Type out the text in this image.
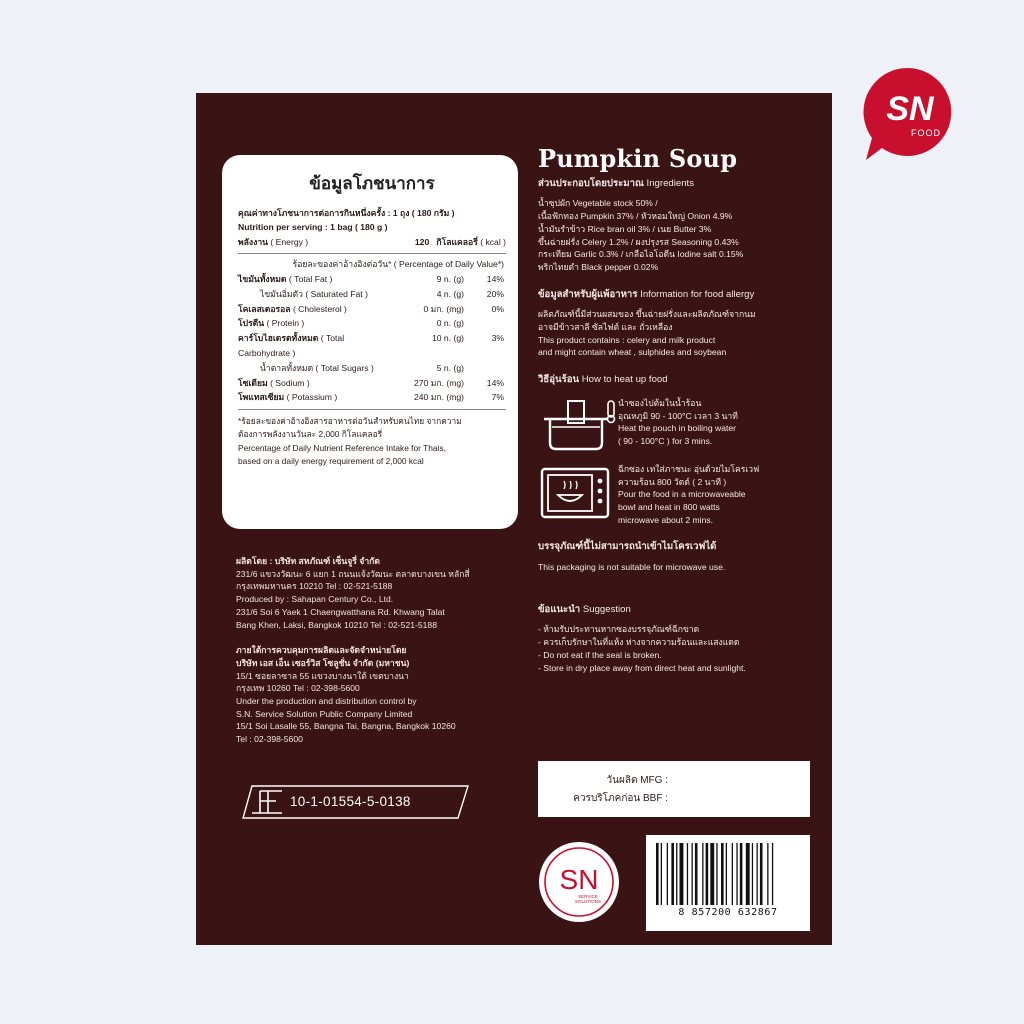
SN
FOOD
ข้อมูลโภชนาการ
คุณค่าทางโภชนาการต่อการกินหนึ่งครั้ง : 1 ถุง ( 180 กรัม )
Nutrition per serving : 1 bag ( 180 g )
พลังงาน ( Energy )	120 กิโลแคลอรี่ ( kcal )
ร้อยละของค่าอ้างอิงต่อวัน* ( Percentage of Daily Value*)
ไขมันทั้งหมด ( Total Fat )	9 n. (g)	14%
ไขมันอิ่มตัว ( Saturated Fat )	4 n. (g)	20%
โคเลสเตอรอล ( Cholesterol )	0 มก. (mg)	0%
โปรตีน ( Protein )	0 n. (g)	
คาร์โบไฮเดรตทั้งหมด ( Total Carbohydrate )	10 n. (g)	3%
น้ำตาลทั้งหมด ( Total Sugars )	5 n. (g)	
โซเดียม ( Sodium )	270 มก. (mg)	14%
โพแทสเซียม ( Potassium )	240 มก. (mg)	7%

*ร้อยละของค่าอ้างอิงสารอาหารต่อวันสำหรับคนไทย จากความ

ต้องการพลังงานวันละ 2,000 กิโลแคลอรี่

Percentage of Daily Nutrient Reference Intake for Thais,

based on a daily energy requirement of 2,000 kcal

ผลิตโดย : บริษัท สหภัณฑ์ เซ็นจูรี่ จำกัด
231/6 แขวงวัฒนะ 6 แยก 1 ถนนแจ้งวัฒนะ ตลาดบางเขน หลักสี่
กรุงเทพมหานคร 10210 Tel : 02-521-5188
Produced by : Sahapan Century Co., Ltd.
231/6 Soi 6 Yaek 1 Chaengwatthana Rd. Khwang Talat
Bang Khen, Laksi, Bangkok 10210 Tel : 02-521-5188
ภายใต้การควบคุมการผลิตและจัดจำหน่ายโดย
บริษัท เอส เอ็น เซอร์วิส โซลูชั่น จำกัด (มหาชน)
15/1 ซอยลาซาล 55 แขวงบางนาใต้ เขตบางนา
กรุงเทพ 10260 Tel : 02-398-5600
Under the production and distribution control by
S.N. Service Solution Public Company Limited
15/1 Soi Lasalle 55, Bangna Tai, Bangna, Bangkok 10260
Tel : 02-398-5600
10-1-01554-5-0138
Pumpkin Soup
ส่วนประกอบโดยประมาณ Ingredients

น้ำซุปผัก Vegetable stock 50% /

เนื้อฟักทอง Pumpkin 37% / หัวหอมใหญ่ Onion 4.9%

น้ำมันรำข้าว Rice bran oil 3% / เนย Butter 3%

ขึ้นฉ่ายฝรั่ง Celery 1.2% / ผงปรุงรส Seasoning 0.43%

กระเทียม Garlic 0.3% / เกลือไอโอดีน Iodine salt 0.15%

พริกไทยดำ Black pepper 0.02%

ข้อมูลสำหรับผู้แพ้อาหาร Information for food allergy

ผลิตภัณฑ์นี้มีส่วนผสมของ ขึ้นฉ่ายฝรั่งและผลิตภัณฑ์จากนม

อาจมีข้าวสาลี ซัลไฟต์ และ ถั่วเหลือง

This product contains : celery and milk product

and might contain wheat , sulphides and soybean

วิธีอุ่นร้อน How to heat up food

นำซองไปต้มในน้ำร้อน

อุณหภูมิ 90 - 100°C เวลา 3 นาที

Heat the pouch in boiling water

( 90 - 100°C ) for 3 mins.

ฉีกซอง เทใส่ภาชนะ อุ่นด้วยไมโครเวฟ

ความร้อน 800 วัตต์ ( 2 นาที )

Pour the food in a microwaveable

bowl and heat in 800 watts

microwave about 2 mins.

บรรจุภัณฑ์นี้ไม่สามารถนำเข้าไมโครเวฟได้

This packaging is not suitable for microwave use.

ข้อแนะนำ Suggestion

- ห้ามรับประทานหากซองบรรจุภัณฑ์ฉีกขาด

- ควรเก็บรักษาในที่แห้ง ห่างจากความร้อนและแสงแดด

- Do not eat if the seal is broken.

- Store in dry place away from direct heat and sunlight.

วันผลิต MFG :
ควรบริโภคก่อน BBF :
SN
SERVICE
SOLUTIONS
8 857200 632867
